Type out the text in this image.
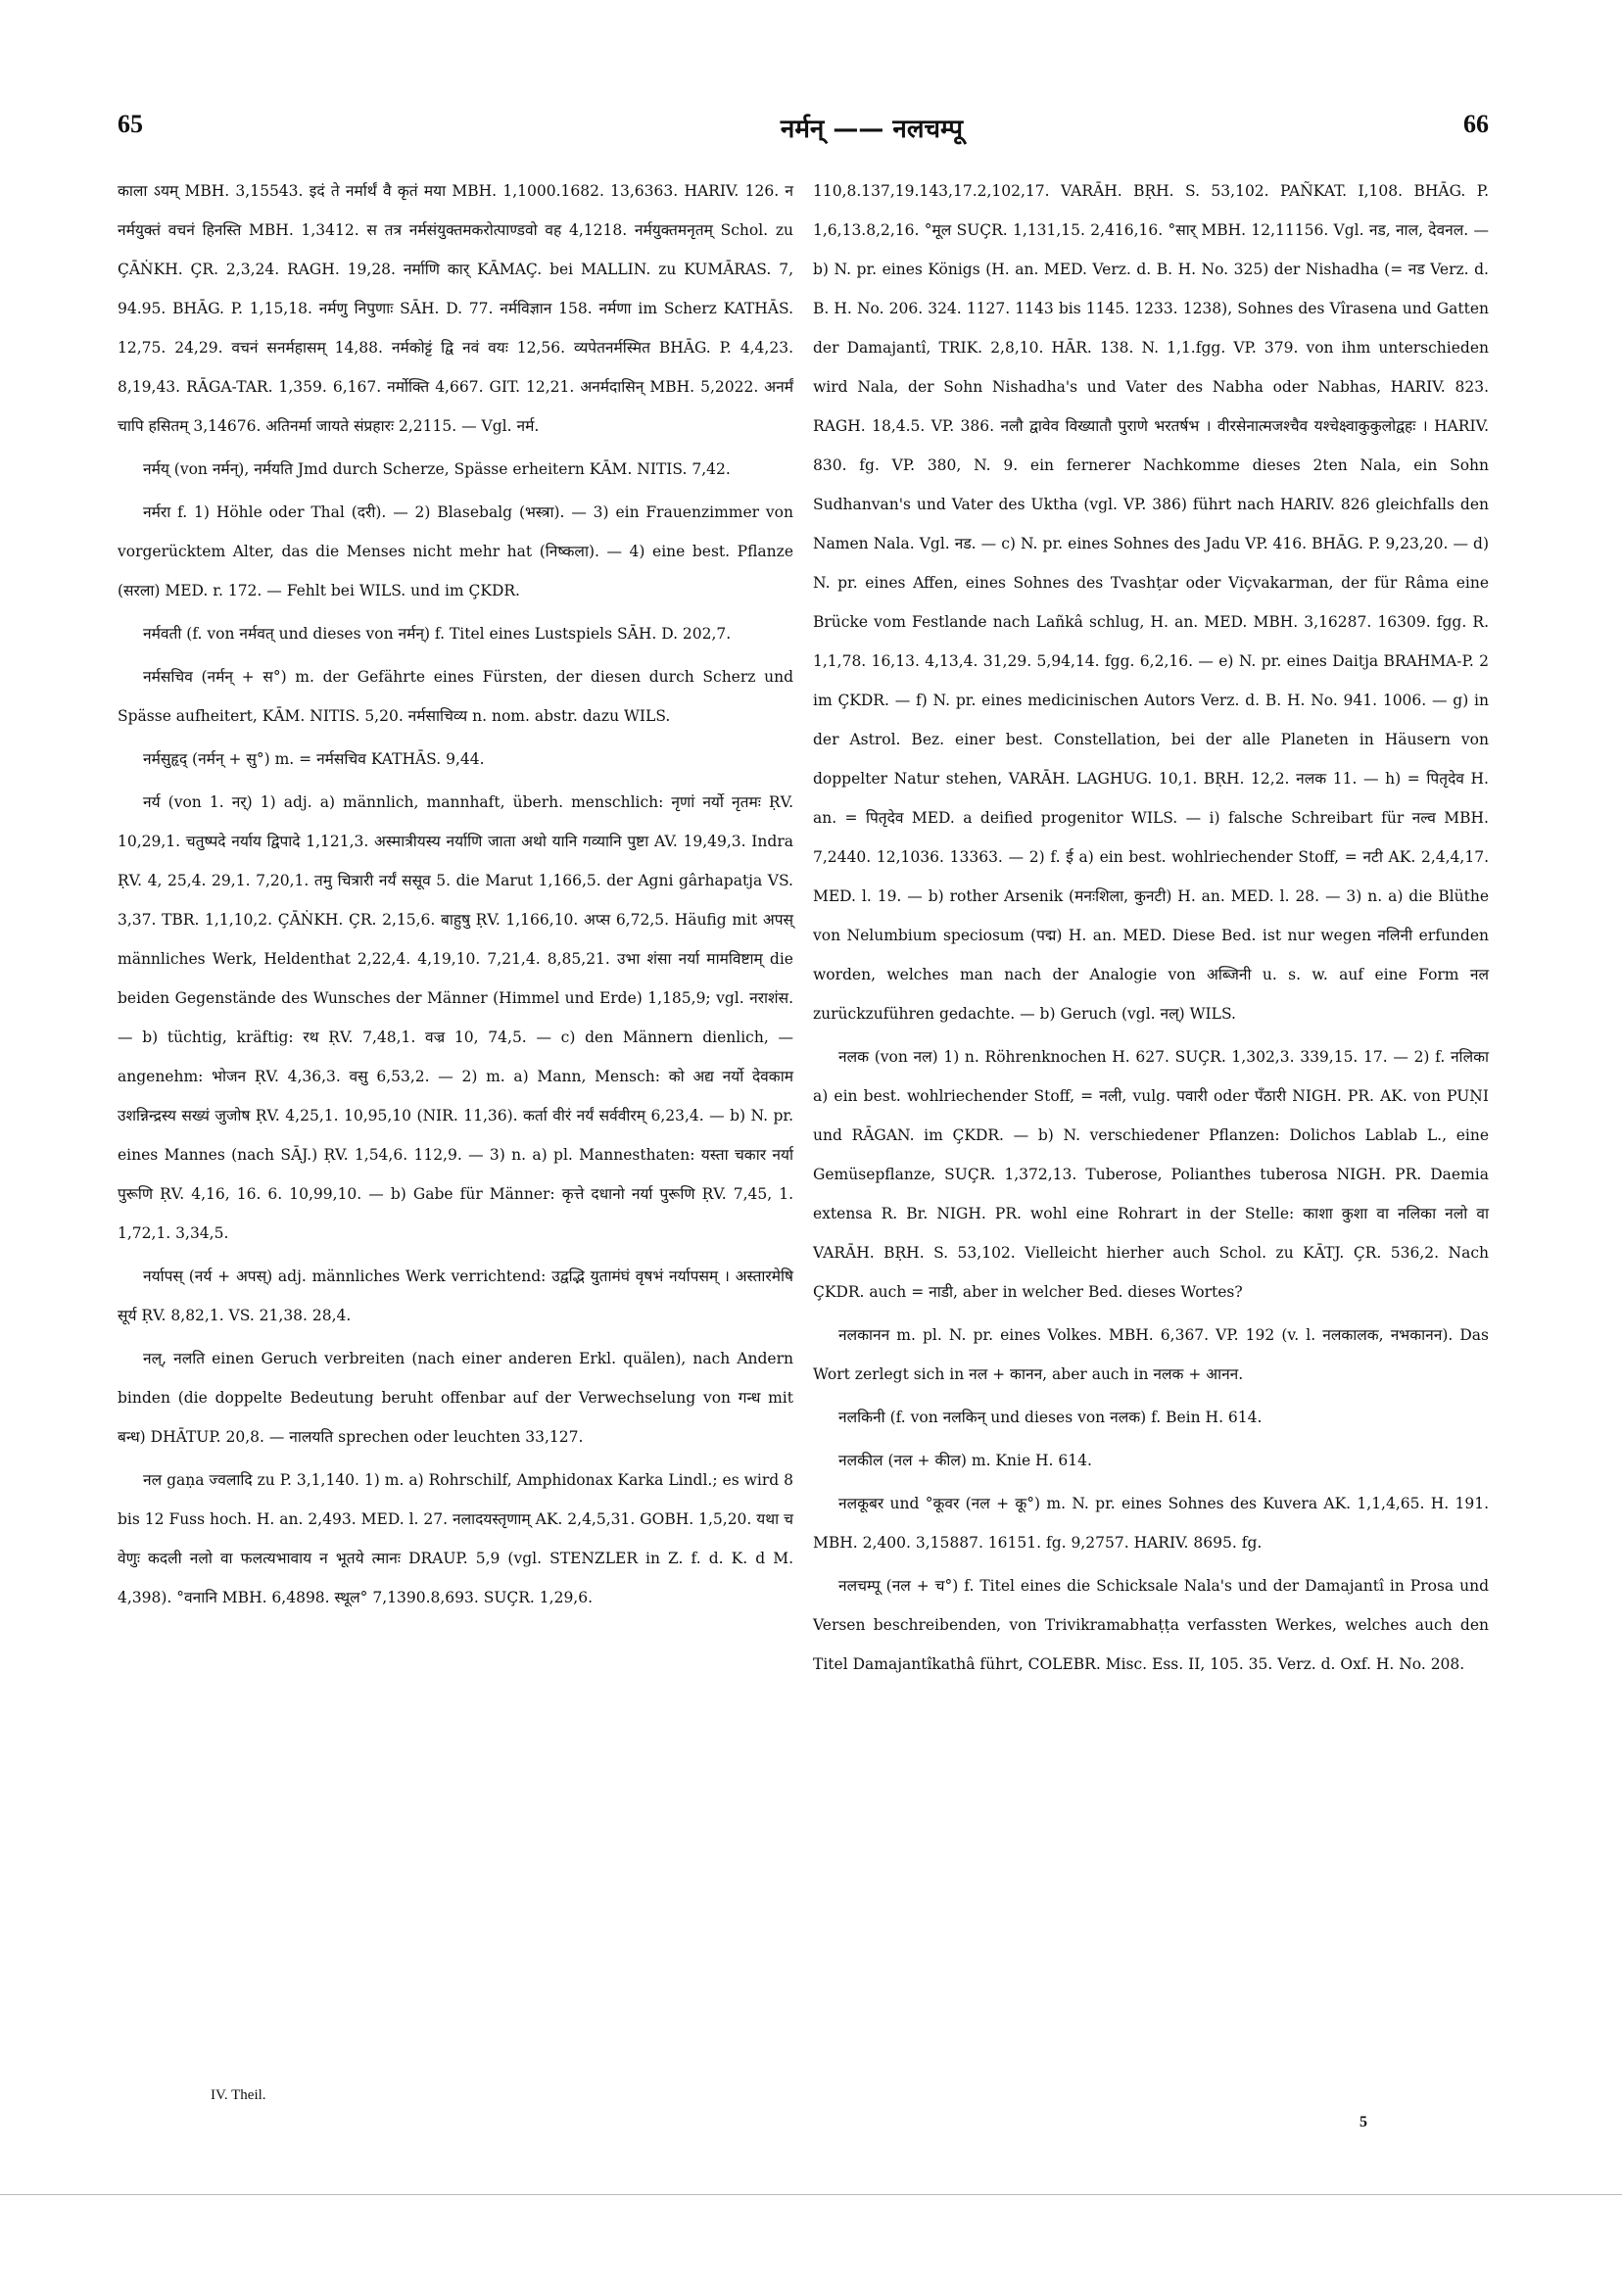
65	नर्मन् —— नलचम्पू	66

काला ऽयम् MBH. 3,15543. इदं ते नर्मार्थं वै कृतं मया MBH. 1,1000.1682. 13,6363. HARIV. 126. न नर्मयुक्तं वचनं हिनस्ति MBH. 1,3412. स तत्र नर्मसंयुक्तमकरोत्पाण्डवो वह 4,1218. नर्मयुक्तमनृतम् Schol. zu ÇĀṄKH. ÇR. 2,3,24. RAGH. 19,28. नर्माणि कार् KĀMAÇ. bei MALLIN. zu KUMĀRAS. 7, 94.95. BHĀG. P. 1,15,18. नर्मणु निपुणाः SĀH. D. 77. नर्मविज्ञान 158. नर्मणा im Scherz KATHĀS. 12,75. 24,29. वचनं सनर्महासम् 14,88. नर्मकोट्टं द्वि नवं वयः 12,56. व्यपेतनर्मस्मित BHĀG. P. 4,4,23. 8,19,43. RĀGA-TAR. 1,359. 6,167. नर्मोक्ति 4,667. GIT. 12,21. अनर्मदासिन् MBH. 5,2022. अनर्मं चापि हसितम् 3,14676. अतिनर्मा जायते संप्रहारः 2,2115. — Vgl. नर्म.

नर्मय् (von नर्मन्), नर्मयति Jmd durch Scherze, Spässe erheitern KĀM. NITIS. 7,42.

नर्मरा f. 1) Höhle oder Thal (दरी). — 2) Blasebalg (भस्त्रा). — 3) ein Frauenzimmer von vorgerücktem Alter, das die Menses nicht mehr hat (निष्कला). — 4) eine best. Pflanze (सरला) MED. r. 172. — Fehlt bei WILS. und im ÇKDR.

नर्मवती (f. von नर्मवत् und dieses von नर्मन्) f. Titel eines Lustspiels SĀH. D. 202,7.

नर्मसचिव (नर्मन् + स°) m. der Gefährte eines Fürsten, der diesen durch Scherz und Spässe aufheitert, KĀM. NITIS. 5,20. नर्मसाचिव्य n. nom. abstr. dazu WILS.

नर्मसुहृद् (नर्मन् + सु°) m. = नर्मसचिव KATHĀS. 9,44.

नर्य (von 1. नर्) 1) adj. a) männlich, mannhaft, überh. menschlich: नृणां नर्यो नृतमः ṚV. 10,29,1. चतुष्पदे नर्याय द्विपादे 1,121,3. अस्मात्रीयस्य नर्याणि जाता अथो यानि गव्यानि पुष्टा AV. 19,49,3. Indra ṚV. 4, 25,4. 29,1. 7,20,1. तमु चित्रारी नर्यं ससूव 5. die Marut 1,166,5. der Agni gârhapatja VS. 3,37. TBR. 1,1,10,2. ÇĀṄKH. ÇR. 2,15,6. बाहुषु ṚV. 1,166,10. अप्स 6,72,5. Häufig mit अपस् männliches Werk, Heldenthat 2,22,4. 4,19,10. 7,21,4. 8,85,21. उभा शंसा नर्या मामविष्टाम् die beiden Gegenstände des Wunsches der Männer (Himmel und Erde) 1,185,9; vgl. नराशंस. — b) tüchtig, kräftig: रथ ṚV. 7,48,1. वज्र 10, 74,5. — c) den Männern dienlich, — angenehm: भोजन ṚV. 4,36,3. वसु 6,53,2. — 2) m. a) Mann, Mensch: को अद्य नर्यो देवकाम उशन्निन्द्रस्य सख्यं जुजोष ṚV. 4,25,1. 10,95,10 (NIR. 11,36). कर्ता वीरं नर्यं सर्ववीरम् 6,23,4. — b) N. pr. eines Mannes (nach SĀJ.) ṚV. 1,54,6. 112,9. — 3) n. a) pl. Mannesthaten: यस्ता चकार नर्या पुरूणि ṚV. 4,16, 16. 6. 10,99,10. — b) Gabe für Männer: कृत्ते दधानो नर्या पुरूणि ṚV. 7,45, 1. 1,72,1. 3,34,5.

नर्यापस् (नर्य + अपस्) adj. männliches Werk verrichtend: उद्वद्भि युतामंघं वृषभं नर्यापसम् । अस्तारमेषि सूर्य ṚV. 8,82,1. VS. 21,38. 28,4.

नल्, नलति einen Geruch verbreiten (nach einer anderen Erkl. quälen), nach Andern binden (die doppelte Bedeutung beruht offenbar auf der Verwechselung von गन्ध mit बन्ध) DHĀTUP. 20,8. — नालयति sprechen oder leuchten 33,127.

नल gaṇa ज्वलादि zu P. 3,1,140. 1) m. a) Rohrschilf, Amphidonax Karka Lindl.; es wird 8 bis 12 Fuss hoch. H. an. 2,493. MED. l. 27. नलादयस्तृणाम् AK. 2,4,5,31. GOBH. 1,5,20. यथा च वेणुः कदली नलो वा फलत्यभावाय न भूतये त्मानः DRAUP. 5,9 (vgl. STENZLER in Z. f. d. K. d M. 4,398). °वनानि MBH. 6,4898. स्थूल° 7,1390.8,693. SUÇR. 1,29,6.

110,8.137,19.143,17.2,102,17. VARĀH. BṚH. S. 53,102. PAÑKAT. I,108. BHĀG. P. 1,6,13.8,2,16. °मूल SUÇR. 1,131,15. 2,416,16. °सार् MBH. 12,11156. Vgl. नड, नाल, देवनल. — b) N. pr. eines Königs (H. an. MED. Verz. d. B. H. No. 325) der Nishadha (= नड Verz. d. B. H. No. 206. 324. 1127. 1143 bis 1145. 1233. 1238), Sohnes des Vîrasena und Gatten der Damajantî, TRIK. 2,8,10. HĀR. 138. N. 1,1.fgg. VP. 379. von ihm unterschieden wird Nala, der Sohn Nishadha's und Vater des Nabha oder Nabhas, HARIV. 823. RAGH. 18,4.5. VP. 386. नलौ द्वावेव विख्यातौ पुराणे भरतर्षभ । वीरसेनात्मजश्चैव यश्चेक्ष्वाकुकुलोद्वहः । HARIV. 830. fg. VP. 380, N. 9. ein fernerer Nachkomme dieses 2ten Nala, ein Sohn Sudhanvan's und Vater des Uktha (vgl. VP. 386) führt nach HARIV. 826 gleichfalls den Namen Nala. Vgl. नड. — c) N. pr. eines Sohnes des Jadu VP. 416. BHĀG. P. 9,23,20. — d) N. pr. eines Affen, eines Sohnes des Tvashṭar oder Viçvakarman, der für Râma eine Brücke vom Festlande nach Lañkâ schlug, H. an. MED. MBH. 3,16287. 16309. fgg. R. 1,1,78. 16,13. 4,13,4. 31,29. 5,94,14. fgg. 6,2,16. — e) N. pr. eines Daitja BRAHMA-P. 2 im ÇKDR. — f) N. pr. eines medicinischen Autors Verz. d. B. H. No. 941. 1006. — g) in der Astrol. Bez. einer best. Constellation, bei der alle Planeten in Häusern von doppelter Natur stehen, VARĀH. LAGHUG. 10,1. BṚH. 12,2. नलक 11. — h) = पितृदेव H. an. = पितृदेव MED. a deified progenitor WILS. — i) falsche Schreibart für नल्व MBH. 7,2440. 12,1036. 13363. — 2) f. ई a) ein best. wohlriechender Stoff, = नटी AK. 2,4,4,17. MED. l. 19. — b) rother Arsenik (मनःशिला, कुनटी) H. an. MED. l. 28. — 3) n. a) die Blüthe von Nelumbium speciosum (पद्म) H. an. MED. Diese Bed. ist nur wegen नलिनी erfunden worden, welches man nach der Analogie von अब्जिनी u. s. w. auf eine Form नल zurückzuführen gedachte. — b) Geruch (vgl. नल्) WILS.

नलक (von नल) 1) n. Röhrenknochen H. 627. SUÇR. 1,302,3. 339,15. 17. — 2) f. नलिका a) ein best. wohlriechender Stoff, = नली, vulg. पवारी oder पँठारी NIGH. PR. AK. von PUṆI und RĀGAN. im ÇKDR. — b) N. verschiedener Pflanzen: Dolichos Lablab L., eine Gemüsepflanze, SUÇR. 1,372,13. Tuberose, Polianthes tuberosa NIGH. PR. Daemia extensa R. Br. NIGH. PR. wohl eine Rohrart in der Stelle: काशा कुशा वा नलिका नलो वा VARĀH. BṚH. S. 53,102. Vielleicht hierher auch Schol. zu KĀTJ. ÇR. 536,2. Nach ÇKDR. auch = नाडी, aber in welcher Bed. dieses Wortes?

नलकानन m. pl. N. pr. eines Volkes. MBH. 6,367. VP. 192 (v. l. नलकालक, नभकानन). Das Wort zerlegt sich in नल + कानन, aber auch in नलक + आनन.

नलकिनी (f. von नलकिन् und dieses von नलक) f. Bein H. 614.

नलकील (नल + कील) m. Knie H. 614.

नलकूबर und °कूवर (नल + कू°) m. N. pr. eines Sohnes des Kuvera AK. 1,1,4,65. H. 191. MBH. 2,400. 3,15887. 16151. fg. 9,2757. HARIV. 8695. fg.

नलचम्पू (नल + च°) f. Titel eines die Schicksale Nala's und der Damajantî in Prosa und Versen beschreibenden, von Trivikramabhaṭṭa verfassten Werkes, welches auch den Titel Damajantîkathâ führt, COLEBR. Misc. Ess. II, 105. 35. Verz. d. Oxf. H. No. 208.

IV. Theil.
5
